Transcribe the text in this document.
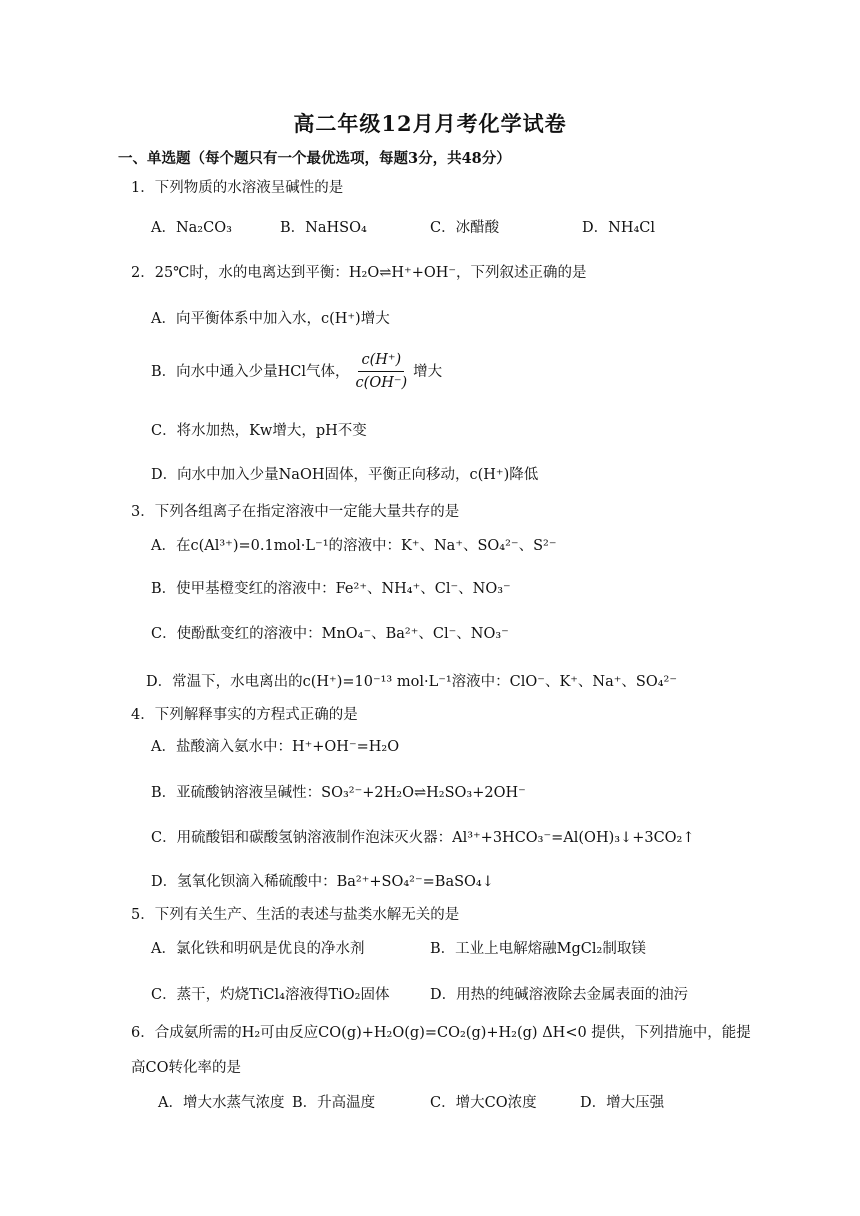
高二年级12月月考化学试卷
一、单选题（每个题只有一个最优选项，每题3分，共48分）
1．下列物质的水溶液呈碱性的是
A．Na₂CO₃	B．NaHSO₄	C．冰醋酸	D．NH₄Cl
2．25℃时，水的电离达到平衡：H₂O⇌H⁺+OH⁻，下列叙述正确的是
A．向平衡体系中加入水，c(H⁺)增大
B．向水中通入少量HCl气体， $\frac{c(H^+)}{c(OH^-)}$ 增大
C．将水加热，Kw增大，pH不变
D．向水中加入少量NaOH固体，平衡正向移动，c(H⁺)降低
3．下列各组离子在指定溶液中一定能大量共存的是
A．在c(Al³⁺)=0.1mol·L⁻¹的溶液中：K⁺、Na⁺、SO₄²⁻、S²⁻
B．使甲基橙变红的溶液中：Fe²⁺、NH₄⁺、Cl⁻、NO₃⁻
C．使酚酞变红的溶液中：MnO₄⁻、Ba²⁺、Cl⁻、NO₃⁻
D．常温下，水电离出的c(H⁺)=10⁻¹³ mol·L⁻¹溶液中：ClO⁻、K⁺、Na⁺、SO₄²⁻
4．下列解释事实的方程式正确的是
A．盐酸滴入氨水中：H⁺+OH⁻=H₂O
B．亚硫酸钠溶液呈碱性：SO₃²⁻+2H₂O⇌H₂SO₃+2OH⁻
C．用硫酸铝和碳酸氢钠溶液制作泡沫灭火器：Al³⁺+3HCO₃⁻=Al(OH)₃↓+3CO₂↑
D．氢氧化钡滴入稀硫酸中：Ba²⁺+SO₄²⁻=BaSO₄↓
5．下列有关生产、生活的表述与盐类水解无关的是
A．氯化铁和明矾是优良的净水剂	B．工业上电解熔融MgCl₂制取镁
C．蒸干，灼烧TiCl₄溶液得TiO₂固体	D．用热的纯碱溶液除去金属表面的油污
6．合成氨所需的H₂可由反应CO(g)+H₂O(g)=CO₂(g)+H₂(g) ΔH<0 提供，下列措施中，能提
高CO转化率的是
A．增大水蒸气浓度 B．升高温度	C．增大CO浓度	D．增大压强
